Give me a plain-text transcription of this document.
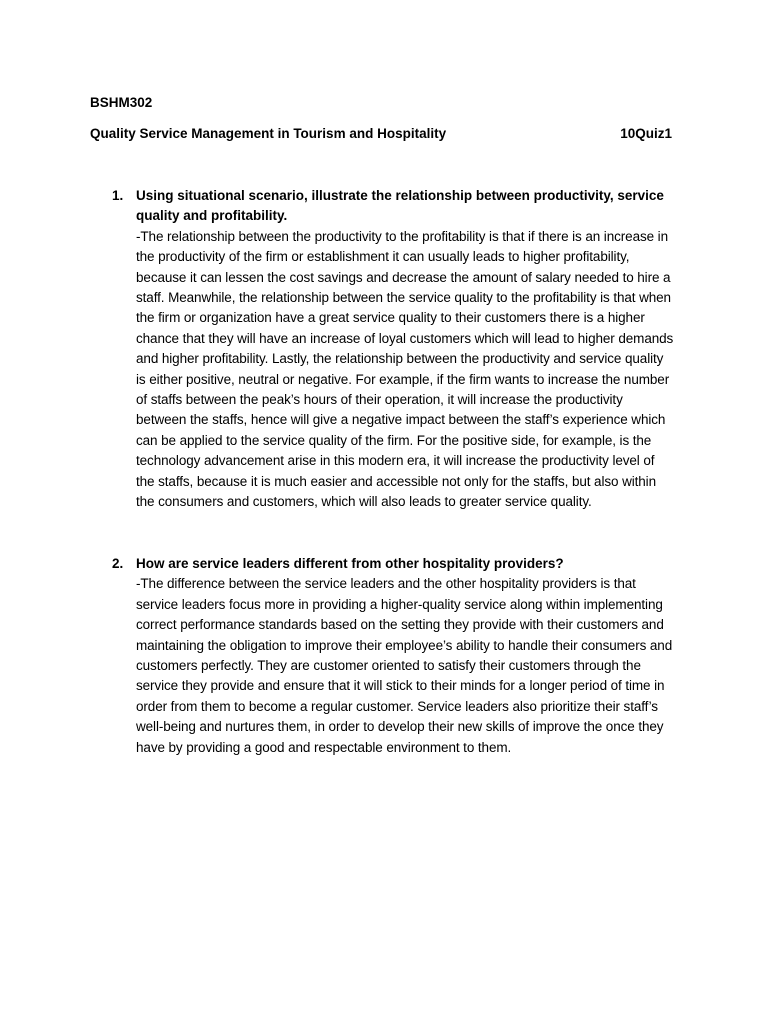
BSHM302
Quality Service Management in Tourism and Hospitality	10Quiz1
1. Using situational scenario, illustrate the relationship between productivity, service quality and profitability.

-The relationship between the productivity to the profitability is that if there is an increase in the productivity of the firm or establishment it can usually leads to higher profitability, because it can lessen the cost savings and decrease the amount of salary needed to hire a staff. Meanwhile, the relationship between the service quality to the profitability is that when the firm or organization have a great service quality to their customers there is a higher chance that they will have an increase of loyal customers which will lead to higher demands and higher profitability. Lastly, the relationship between the productivity and service quality is either positive, neutral or negative. For example, if the firm wants to increase the number of staffs between the peak’s hours of their operation, it will increase the productivity between the staffs, hence will give a negative impact between the staff’s experience which can be applied to the service quality of the firm. For the positive side, for example, is the technology advancement arise in this modern era, it will increase the productivity level of the staffs, because it is much easier and accessible not only for the staffs, but also within the consumers and customers, which will also leads to greater service quality.

2. How are service leaders different from other hospitality providers?

-The difference between the service leaders and the other hospitality providers is that service leaders focus more in providing a higher-quality service along within implementing correct performance standards based on the setting they provide with their customers and maintaining the obligation to improve their employee’s ability to handle their consumers and customers perfectly. They are customer oriented to satisfy their customers through the service they provide and ensure that it will stick to their minds for a longer period of time in order from them to become a regular customer. Service leaders also prioritize their staff’s well-being and nurtures them, in order to develop their new skills of improve the once they have by providing a good and respectable environment to them.
